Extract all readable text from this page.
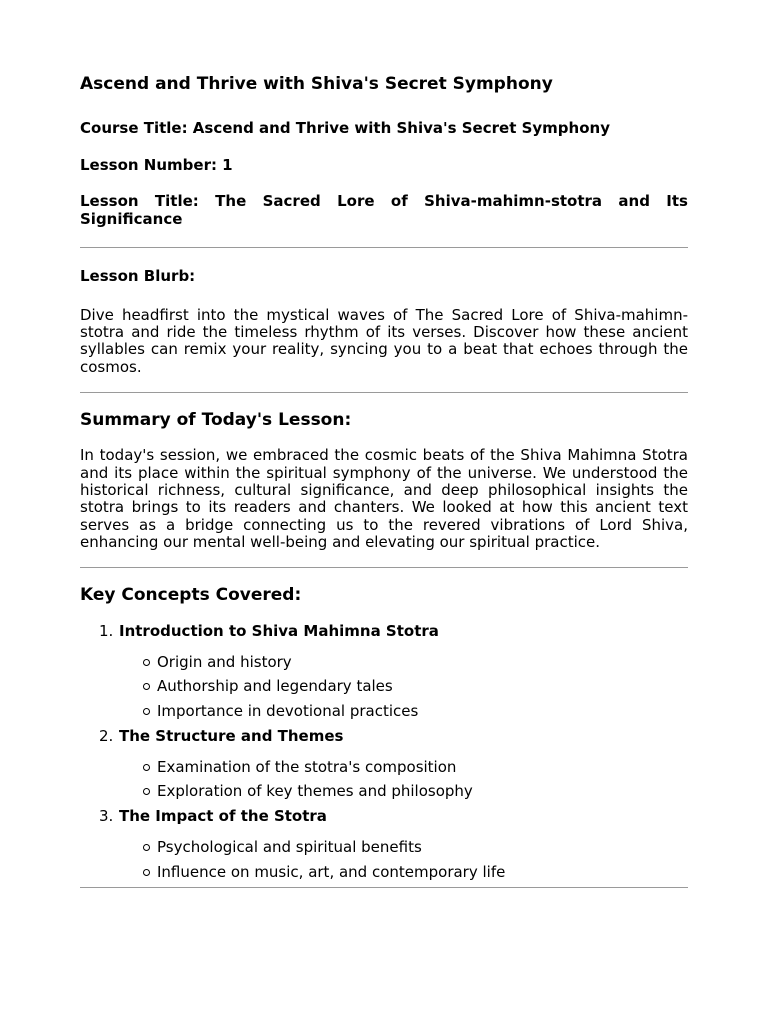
Ascend and Thrive with Shiva's Secret Symphony

Course Title: Ascend and Thrive with Shiva's Secret Symphony

Lesson Number: 1

Lesson Title: The Sacred Lore of Shiva-mahimn-stotra and Its Significance

Lesson Blurb:

Dive headfirst into the mystical waves of The Sacred Lore of Shiva-mahimn-stotra and ride the timeless rhythm of its verses. Discover how these ancient syllables can remix your reality, syncing you to a beat that echoes through the cosmos.

Summary of Today's Lesson:

In today's session, we embraced the cosmic beats of the Shiva Mahimna Stotra and its place within the spiritual symphony of the universe. We understood the historical richness, cultural significance, and deep philosophical insights the stotra brings to its readers and chanters. We looked at how this ancient text serves as a bridge connecting us to the revered vibrations of Lord Shiva, enhancing our mental well-being and elevating our spiritual practice.

Key Concepts Covered:
1. Introduction to Shiva Mahimna Stotra
Origin and history
Authorship and legendary tales
Importance in devotional practices
2. The Structure and Themes
Examination of the stotra's composition
Exploration of key themes and philosophy
3. The Impact of the Stotra
Psychological and spiritual benefits
Influence on music, art, and contemporary life
